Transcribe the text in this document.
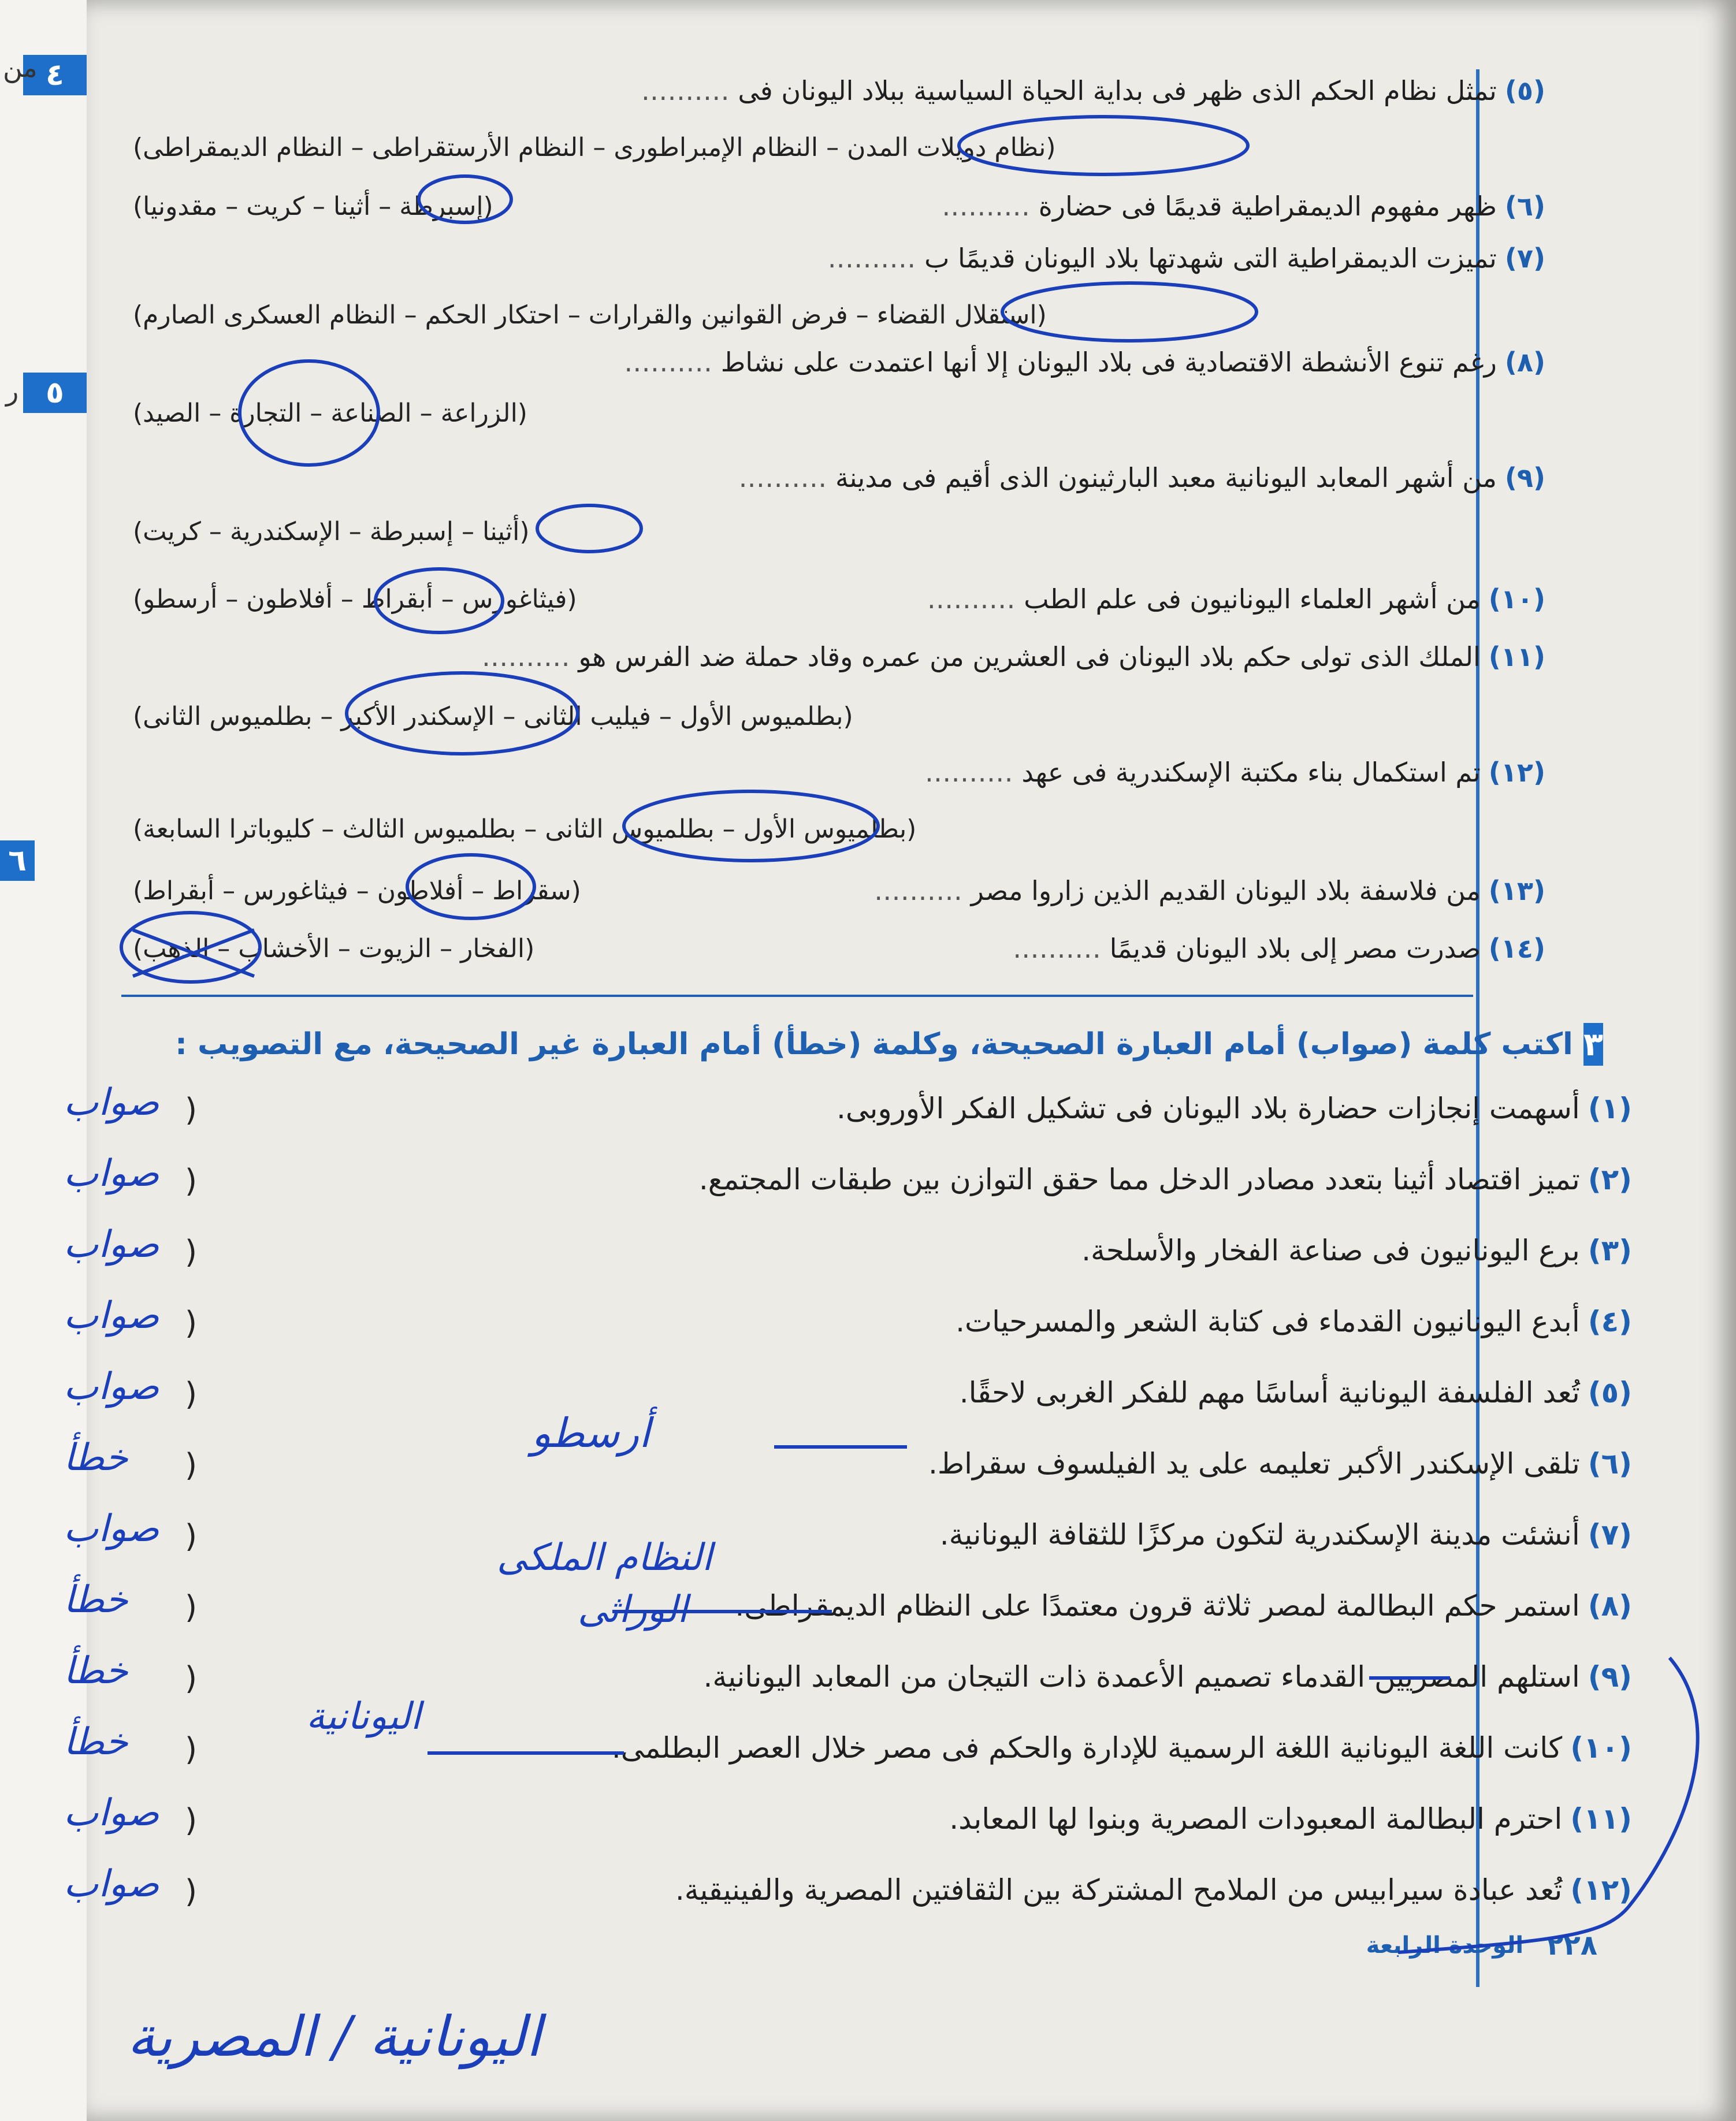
٤
من
٥
ر
٦
(٥)تمثل نظام الحكم الذى ظهر فى بداية الحياة السياسية ببلاد اليونان فى ……….
(نظام دويلات المدن – النظام الإمبراطورى – النظام الأرستقراطى – النظام الديمقراطى)
(٦)ظهر مفهوم الديمقراطية قديمًا فى حضارة ……….
(إسبرطة – أثينا – كريت – مقدونيا)
(٧)تميزت الديمقراطية التى شهدتها بلاد اليونان قديمًا ب ……….
(استقلال القضاء – فرض القوانين والقرارات – احتكار الحكم – النظام العسكرى الصارم)
(٨)رغم تنوع الأنشطة الاقتصادية فى بلاد اليونان إلا أنها اعتمدت على نشاط ……….
(الزراعة – الصناعة – التجارة – الصيد)
(٩)من أشهر المعابد اليونانية معبد البارثينون الذى أقيم فى مدينة ……….
(أثينا – إسبرطة – الإسكندرية – كريت)
(١٠)من أشهر العلماء اليونانيون فى علم الطب ……….
(فيثاغورس – أبقراط – أفلاطون – أرسطو)
(١١)الملك الذى تولى حكم بلاد اليونان فى العشرين من عمره وقاد حملة ضد الفرس هو ……….
(بطلميوس الأول – فيليب الثانى – الإسكندر الأكبر – بطلميوس الثانى)
(١٢)تم استكمال بناء مكتبة الإسكندرية فى عهد ……….
(بطلميوس الأول – بطلميوس الثانى – بطلميوس الثالث – كليوباترا السابعة)
(١٣)من فلاسفة بلاد اليونان القديم الذين زاروا مصر ……….
(سقراط – أفلاطون – فيثاغورس – أبقراط)
(١٤)صدرت مصر إلى بلاد اليونان قديمًا ……….
(الفخار – الزيوت – الأخشاب – الذهب)
٣
اكتب كلمة (صواب) أمام العبارة الصحيحة، وكلمة (خطأ) أمام العبارة غير الصحيحة، مع التصويب :
(١)أسهمت إنجازات حضارة بلاد اليونان فى تشكيل الفكر الأوروبى.
(
(٢)تميز اقتصاد أثينا بتعدد مصادر الدخل مما حقق التوازن بين طبقات المجتمع.
(
(٣)برع اليونانيون فى صناعة الفخار والأسلحة.
(
(٤)أبدع اليونانيون القدماء فى كتابة الشعر والمسرحيات.
(
(٥)تُعد الفلسفة اليونانية أساسًا مهم للفكر الغربى لاحقًا.
(
(٦)تلقى الإسكندر الأكبر تعليمه على يد الفيلسوف سقراط.
(
(٧)أنشئت مدينة الإسكندرية لتكون مركزًا للثقافة اليونانية.
(
(٨)استمر حكم البطالمة لمصر ثلاثة قرون معتمدًا على النظام الديمقراطى.
(
(٩)استلهم المصريين القدماء تصميم الأعمدة ذات التيجان من المعابد اليونانية.
(
(١٠)كانت اللغة اليونانية اللغة الرسمية للإدارة والحكم فى مصر خلال العصر البطلمى.
(
(١١)احترم البطالمة المعبودات المصرية وبنوا لها المعابد.
(
(١٢)تُعد عبادة سيرابيس من الملامح المشتركة بين الثقافتين المصرية والفينيقية.
(
صواب
صواب
صواب
صواب
صواب
خطأ
صواب
خطأ
خطأ
خطأ
صواب
صواب
أرسطو
النظام الملكى
الوراثى
اليونانية
اليونانية / المصرية
٢٢٨
الوحدة الرابعة
